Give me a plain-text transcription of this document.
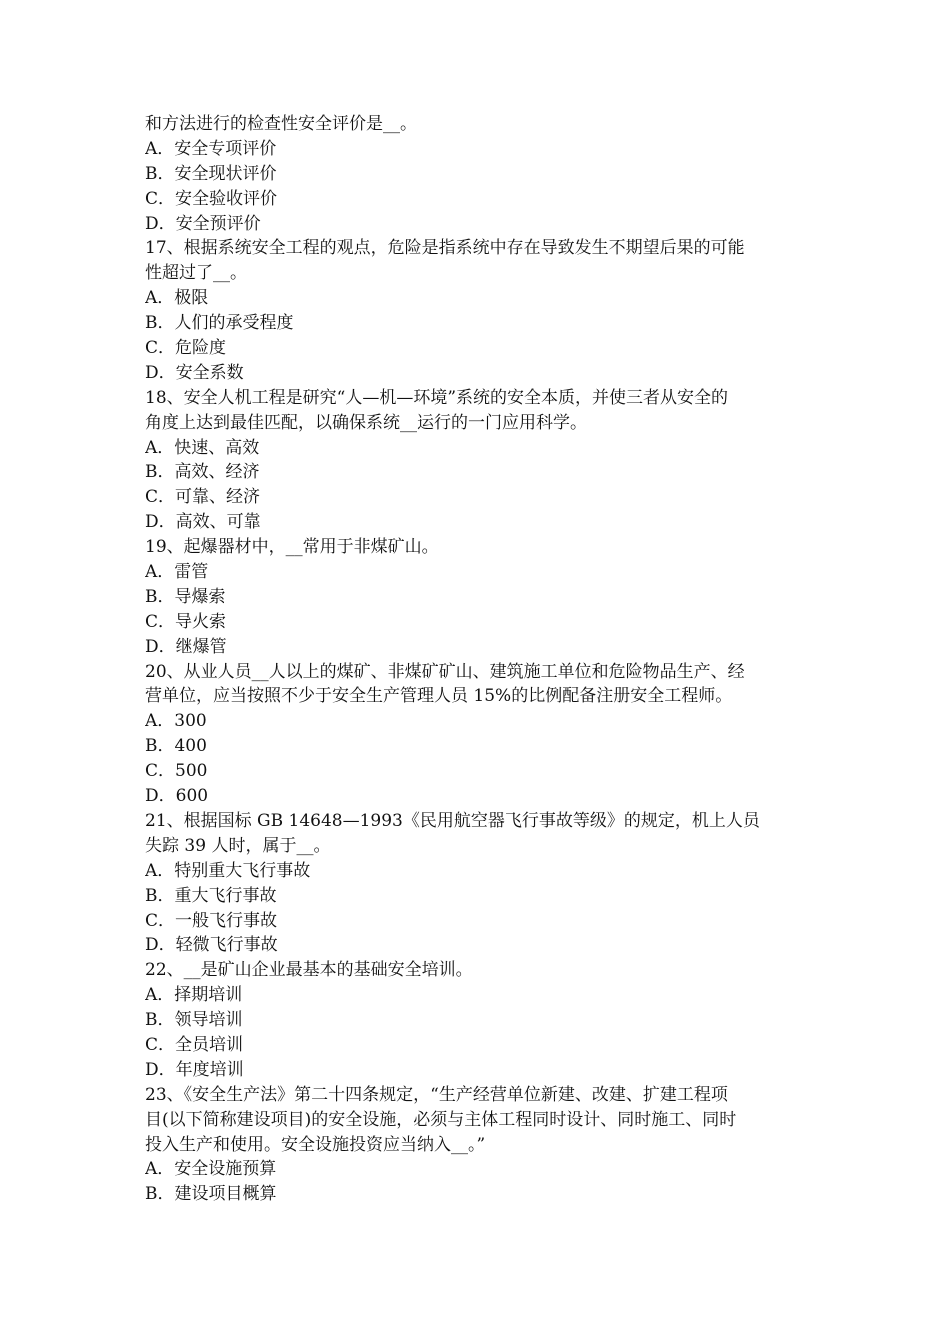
和方法进行的检查性安全评价是__。
A．安全专项评价
B．安全现状评价
C．安全验收评价
D．安全预评价
17、根据系统安全工程的观点，危险是指系统中存在导致发生不期望后果的可能
性超过了__。
A．极限
B．人们的承受程度
C．危险度
D．安全系数
18、安全人机工程是研究“人—机—环境”系统的安全本质，并使三者从安全的
角度上达到最佳匹配，以确保系统__运行的一门应用科学。
A．快速、高效
B．高效、经济
C．可靠、经济
D．高效、可靠
19、起爆器材中，__常用于非煤矿山。
A．雷管
B．导爆索
C．导火索
D．继爆管
20、从业人员__人以上的煤矿、非煤矿矿山、建筑施工单位和危险物品生产、经
营单位，应当按照不少于安全生产管理人员 15%的比例配备注册安全工程师。
A．300
B．400
C．500
D．600
21、根据国标 GB 14648—1993《民用航空器飞行事故等级》的规定，机上人员
失踪 39 人时，属于__。
A．特别重大飞行事故
B．重大飞行事故
C．一般飞行事故
D．轻微飞行事故
22、__是矿山企业最基本的基础安全培训。
A．择期培训
B．领导培训
C．全员培训
D．年度培训
23、《安全生产法》第二十四条规定，“生产经营单位新建、改建、扩建工程项
目(以下简称建设项目)的安全设施，必须与主体工程同时设计、同时施工、同时
投入生产和使用。安全设施投资应当纳入__。”
A．安全设施预算
B．建设项目概算
